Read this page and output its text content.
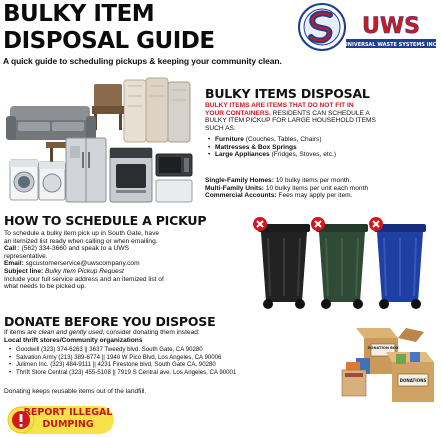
BULKY ITEM
DISPOSAL GUIDE
A quick guide to scheduling pickups & keeping your community clean.
UWS
UNIVERSAL WASTE SYSTEMS INC.
BULKY ITEMS DISPOSAL
BULKY ITEMS ARE ITEMS THAT DO NOT FIT IN
YOUR CONTAINERS. RESIDENTS CAN SCHEDULE A
BULKY ITEM PICKUP FOR LARGE HOUSEHOLD ITEMS
SUCH AS:
• Furniture (Couches, Tables, Chairs)
• Mattresses & Box Springs
• Large Appliances (Fridges, Stoves, etc.)
Single-Family Homes: 10 bulky items per month.
Multi-Family Units: 10 bulky items per unit each month
Commercial Accounts: Fees may apply per item.
HOW TO SCHEDULE A PICKUP
To schedule a bulky item pick up in South Gate, have
an itemized list ready when calling or when emailing.
Call : (562) 334-3660 and speak to a UWS
representative.
Email: sgcustomerservice@uwscompany.com
Subject line: Bulky Item Pickup Request
Include your full service address and an itemized list of
what needs to be picked up.
DONATE BEFORE YOU DISPOSE
If items are clean and gently used, consider donating them instead:
Local thrift stores/Community organizations
• Goodwill (323) 374-6263 || 3637 Tweedy blvd. South Gate, CA 90280
• Salvation Army (213) 389-6774 || 1940 W Pico Blvd, Los Angeles, CA 90006
• Julimen Inc. (323) 484-9111 || 4231 Firestone blvd, South Gate CA, 90280
• Thrift Store Central (323) 455-5108 || 7919 S Central ave. Los Angeles, CA 90001
Donating keeps reusable items out of the landfill.
DONATION BOX
DONATIONS
REPORT ILLEGAL
DUMPING
